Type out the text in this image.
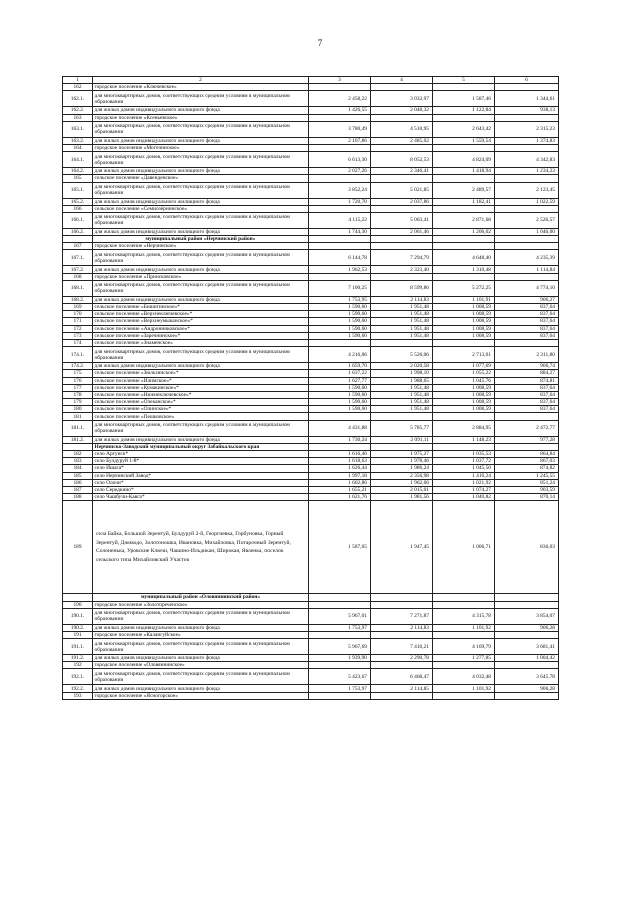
7
1	2	3	4	5	6
162	городское поселение «Ключевское»				
162.1.	для многоквартирных домов, соответствующих средним условиям в муниципальном образовании	2 458,22	3 032,97	1 587,46	1 344,61
162.2.	для жилых домов индивидуального жилищного фонда	1 426,55	2 048,32	1 122,84	938,13
163	городское поселение «Ксеньевское»				
163.1.	для многоквартирных домов, соответствующих средним условиям в муниципальном образовании	3 780,49	4 510,95	2 643,42	2 315,23
163.2.	для жилых домов индивидуального жилищного фонда	2 167,86	2 485,02	1 559,54	1 374,83
164	городское поселение «Могочинское»				
164.1.	для многоквартирных домов, соответствующих средним условиям в муниципальном образовании	6 613,30	8 052,53	4 824,09	4 342,83
164.2.	для жилых домов индивидуального жилищного фонда	2 027,26	2 346,41	1 418,94	1 234,23
165	сельское поселение «Давенденское»				
165.1.	для многоквартирных домов, соответствующих средним условиям в муниципальном образовании	3 852,24	5 021,85	2 489,57	2 123,45
165.2.	для жилых домов индивидуального жилищного фонда	1 720,70	2 037,86	1 182,41	1 022,59
166	сельское поселение «Семиозёрнинское»				
166.1.	для многоквартирных домов, соответствующих средним условиям в муниципальном образовании	4 115,22	5 063,41	2 871,68	2 526,57
166.2.	для жилых домов индивидуального жилищного фонда	1 744,30	2 061,46	1 206,02	1 046,00
	муниципальный район «Нерчинский район»				
167	городское поселение «Нерчинское»				
167.1.	для многоквартирных домов, соответствующих средним условиям в муниципальном образовании	6 144,78	7 294,79	4 648,40	4 235,39
167.2.	для жилых домов индивидуального жилищного фонда	1 962,53	2 323,40	1 310,48	1 114,84
168	городское поселение «Приисковское»				
168.1.	для многоквартирных домов, соответствующих средним условиям в муниципальном образовании	7 100,25	8 599,86	5 272,25	4 774,10
168.2.	для жилых домов индивидуального жилищного фонда	1 753,95	2 114,83	1 101,91	906,27
169	сельское поселение «Бишигинское»*	1 590,60	1 951,48	1 008,59	837,64
170	сельское поселение «Верхнеключевское»*	1 590,60	1 951,48	1 008,59	837,64
171	сельское поселение «Верхнеумыканское»*	1 590,60	1 951,48	1 008,59	837,64
172	сельское поселение «Андронниковское»*	1 590,60	1 951,48	1 008,59	837,64
173	сельское поселение «Заречнинское»*	1 590,60	1 951,48	1 008,59	837,64
174	сельское поселение «Знаменское»				
174.1.	для многоквартирных домов, соответствующих средним условиям в муниципальном образовании	4 216,06	5 526,06	2 713,01	2 311,80
174.2.	для жилых домов индивидуального жилищного фонда	1 659,70	2 020,58	1 077,69	906,74
175	сельское поселение «Зюльзинское»*	1 637,22	1 998,10	1 055,22	884,27
176	сельское поселение «Илимское»*	1 627,77	1 988,65	1 045,76	874,81
177	сельское поселение «Кумакинское»*	1 590,60	1 951,48	1 008,59	837,64
178	сельское поселение «Нижнеключевское»*	1 590,60	1 951,48	1 008,59	837,64
179	сельское поселение «Олеканское»*	1 590,60	1 951,48	1 008,59	837,64
180	сельское поселение «Олинское»*	1 590,60	1 951,48	1 008,59	837,64
181	сельское поселение «Пешковское»				
181.1.	для многоквартирных домов, соответствующих средним условиям в муниципальном образовании	4 431,88	5 785,77	2 884,95	2 472,77
181.2.	для жилых домов индивидуального жилищного фонда	1 730,24	2 091,11	1 148,23	977,28
	Нерчинско-Заводский муниципальный округ Забайкальского края				
182	село Аргунск*	1 616,46	1 975,27	1 035,53	864,84
183	село Булдуруй 1-й*	1 618,63	1 978,46	1 037,72	867,03
184	село Ишага*	1 626,44	1 986,24	1 045,50	874,82
185	село Нерчинский Завод*	1 997,18	2 356,98	1 416,24	1 245,55
186	село Олочи*	1 602,86	1 962,66	1 021,92	851,24
187	село Середкино*	1 655,21	2 015,01	1 074,27	903,59
188	село Чашбучи-Кавга*	1 621,76	1 981,56	1 040,82	870,14
189	села Байка, Большой Зерентуй, Булдуруй 2-й, Георгиевка, Горбуновка, Горный Зерентуй, Джикодо, Золотоношка, Ивановка, Михайловка, Потарочный Зерентуй, Солоненька, Уровские Ключи, Чашино-Ильдикан, Широкая, Явленка, поселок сельского типа Михайловский Участок	1 587,65	1 947,45	1 006,71	836,03
	муниципальный район «Оловяннинский район»				
190	городское поселение «Золотореченское»				
190.1.	для многоквартирных домов, соответствующих средним условиям в муниципальном образовании	5 967,01	7 271,87	4 315,78	3 854,07
190.2.	для жилых домов индивидуального жилищного фонда	1 753,97	2 114,83	1 101,92	906,28
191	городское поселение «Калангуйское»				
191.1.	для многоквартирных домов, соответствующих средним условиям в муниципальном образовании	5 967,69	7 410,21	4 169,79	3 681,41
191.2.	для жилых домов индивидуального жилищного фонда	1 939,90	2 290,78	1 277,85	1 004,42
192	городское поселение «Оловяннинское»				
192.1.	для многоквартирных домов, соответствующих средним условиям в муниципальном образовании	5 423,67	6 468,47	4 032,48	3 645,78
192.2.	для жилых домов индивидуального жилищного фонда	1 753,97	2 114,85	1 101,92	906,28
193	городское поселение «Ясногорское»				
